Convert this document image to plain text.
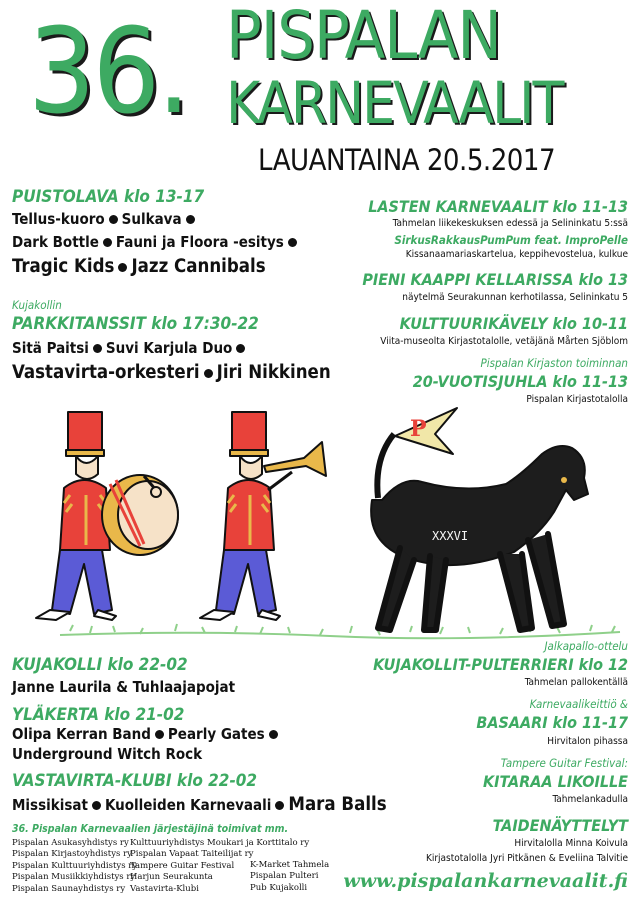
36. PISPALAN
KARNEVAALIT
LAUANTAINA 20.5.2017
PUISTOLAVA klo 13-17
Tellus-kuoro Sulkava
Dark Bottle Fauni ja Floora -esitys
Tragic Kids Jazz Cannibals
Kujakollin
PARKKITANSSIT klo 17:30-22
Sitä Paitsi Suvi Karjula Duo
Vastavirta-orkesteri Jiri Nikkinen
LASTEN KARNEVAALIT klo 11-13
Tahmelan liikekeskuksen edessä ja Selininkatu 5:ssä
SirkusRakkausPumPum feat. ImproPelle
Kissanaamariaskartelua, keppihevostelua, kulkue
PIENI KAAPPI KELLARISSA klo 13
näytelmä Seurakunnan kerhotilassa, Selininkatu 5
KULTTUURIKÄVELY klo 10-11
Viita-museolta Kirjastotalolle, vetäjänä Mårten Sjöblom
Pispalan Kirjaston toiminnan
20-VUOTISJUHLA klo 11-13
Pispalan Kirjastotalolla
P
XXXVI
KUJAKOLLI klo 22-02
Janne Laurila & Tuhlaajapojat
YLÄKERTA klo 21-02
Olipa Kerran Band Pearly Gates
Underground Witch Rock
VASTAVIRTA-KLUBI klo 22-02
Missikisat Kuolleiden Karnevaali Mara Balls
36. Pispalan Karnevaalien järjestäjinä toimivat mm.
Pispalan Asukasyhdistys ry
Pispalan Kirjastoyhdistys ry
Pispalan Kulttuuriyhdistys ry
Pispalan Musiikkiyhdistys ry
Pispalan Saunayhdistys ry
Kulttuuriyhdistys Moukari ja Korttitalo ry
Pispalan Vapaat Taiteilijat ry
Tampere Guitar Festival
Harjun Seurakunta
Vastavirta-Klubi
K-Market Tahmela
Pispalan Pulteri
Pub Kujakolli
Jalkapallo-ottelu
KUJAKOLLIT-PULTERRIERI klo 12
Tahmelan pallokentällä
Karnevaalikeittiö &
BASAARI klo 11-17
Hirvitalon pihassa
Tampere Guitar Festival:
KITARAA LIKOILLE
Tahmelankadulla
TAIDENÄYTTELYT
Hirvitalolla Minna Koivula
Kirjastotalolla Jyri Pitkänen & Eveliina Talvitie
www.pispalankarnevaalit.fi
